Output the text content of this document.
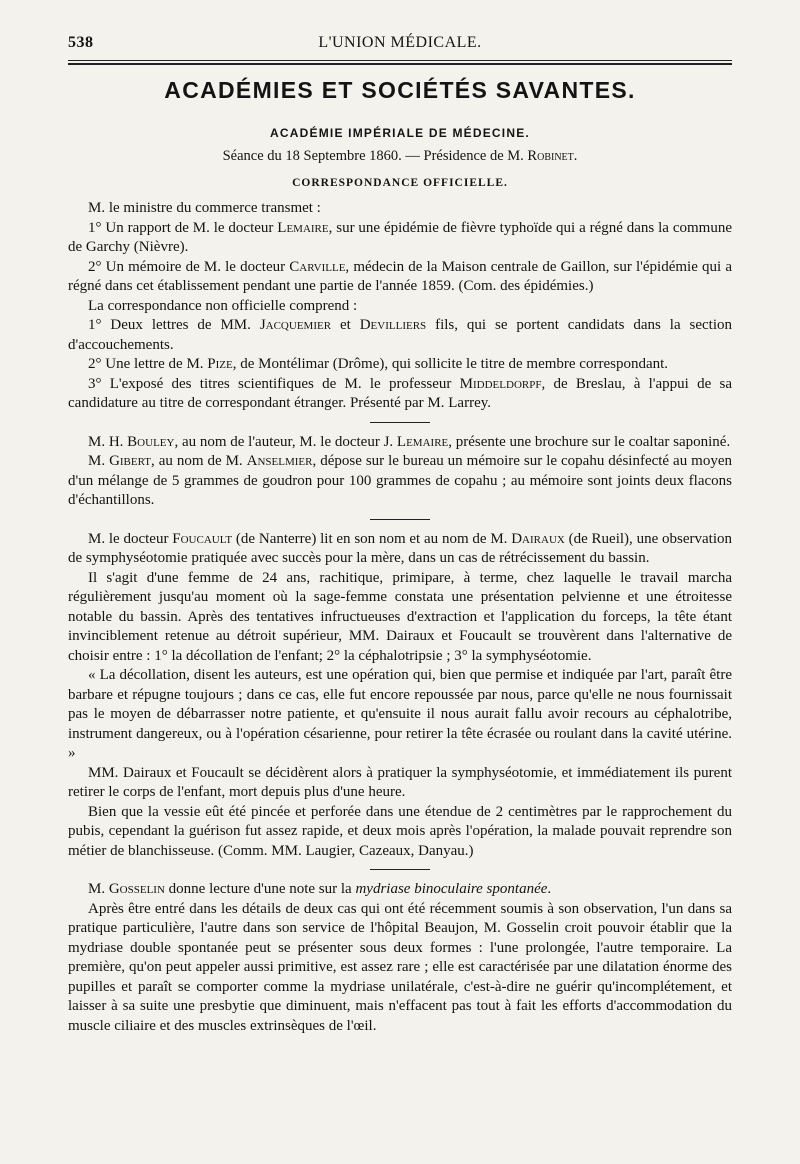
538	L'UNION MÉDICALE.
ACADÉMIES ET SOCIÉTÉS SAVANTES.
ACADÉMIE IMPÉRIALE DE MÉDECINE.
Séance du 18 Septembre 1860. — Présidence de M. Robinet.
CORRESPONDANCE OFFICIELLE.

M. le ministre du commerce transmet :

1° Un rapport de M. le docteur Lemaire, sur une épidémie de fièvre typhoïde qui a régné dans la commune de Garchy (Nièvre).

2° Un mémoire de M. le docteur Carville, médecin de la Maison centrale de Gaillon, sur l'épidémie qui a régné dans cet établissement pendant une partie de l'année 1859. (Com. des épidémies.)

La correspondance non officielle comprend :

1° Deux lettres de MM. Jacquemier et Devilliers fils, qui se portent candidats dans la section d'accouchements.

2° Une lettre de M. Pize, de Montélimar (Drôme), qui sollicite le titre de membre correspondant.

3° L'exposé des titres scientifiques de M. le professeur Middeldorpf, de Breslau, à l'appui de sa candidature au titre de correspondant étranger. Présenté par M. Larrey.

M. H. Bouley, au nom de l'auteur, M. le docteur J. Lemaire, présente une brochure sur le coaltar saponiné.

M. Gibert, au nom de M. Anselmier, dépose sur le bureau un mémoire sur le copahu désinfecté au moyen d'un mélange de 5 grammes de goudron pour 100 grammes de copahu ; au mémoire sont joints deux flacons d'échantillons.

M. le docteur Foucault (de Nanterre) lit en son nom et au nom de M. Dairaux (de Rueil), une observation de symphyséotomie pratiquée avec succès pour la mère, dans un cas de rétrécissement du bassin.

Il s'agit d'une femme de 24 ans, rachitique, primipare, à terme, chez laquelle le travail marcha régulièrement jusqu'au moment où la sage-femme constata une présentation pelvienne et une étroitesse notable du bassin. Après des tentatives infructueuses d'extraction et l'application du forceps, la tête étant invinciblement retenue au détroit supérieur, MM. Dairaux et Foucault se trouvèrent dans l'alternative de choisir entre : 1° la décollation de l'enfant; 2° la céphalotripsie ; 3° la symphyséotomie.

« La décollation, disent les auteurs, est une opération qui, bien que permise et indiquée par l'art, paraît être barbare et répugne toujours ; dans ce cas, elle fut encore repoussée par nous, parce qu'elle ne nous fournissait pas le moyen de débarrasser notre patiente, et qu'ensuite il nous aurait fallu avoir recours au céphalotribe, instrument dangereux, ou à l'opération césarienne, pour retirer la tête écrasée ou roulant dans la cavité utérine. »

MM. Dairaux et Foucault se décidèrent alors à pratiquer la symphyséotomie, et immédiatement ils purent retirer le corps de l'enfant, mort depuis plus d'une heure.

Bien que la vessie eût été pincée et perforée dans une étendue de 2 centimètres par le rapprochement du pubis, cependant la guérison fut assez rapide, et deux mois après l'opération, la malade pouvait reprendre son métier de blanchisseuse. (Comm. MM. Laugier, Cazeaux, Danyau.)

M. Gosselin donne lecture d'une note sur la mydriase binoculaire spontanée.

Après être entré dans les détails de deux cas qui ont été récemment soumis à son observation, l'un dans sa pratique particulière, l'autre dans son service de l'hôpital Beaujon, M. Gosselin croit pouvoir établir que la mydriase double spontanée peut se présenter sous deux formes : l'une prolongée, l'autre temporaire. La première, qu'on peut appeler aussi primitive, est assez rare ; elle est caractérisée par une dilatation énorme des pupilles et paraît se comporter comme la mydriase unilatérale, c'est-à-dire ne guérir qu'incomplétement, et laisser à sa suite une presbytie que diminuent, mais n'effacent pas tout à fait les efforts d'accommodation du muscle ciliaire et des muscles extrinsèques de l'œil.
